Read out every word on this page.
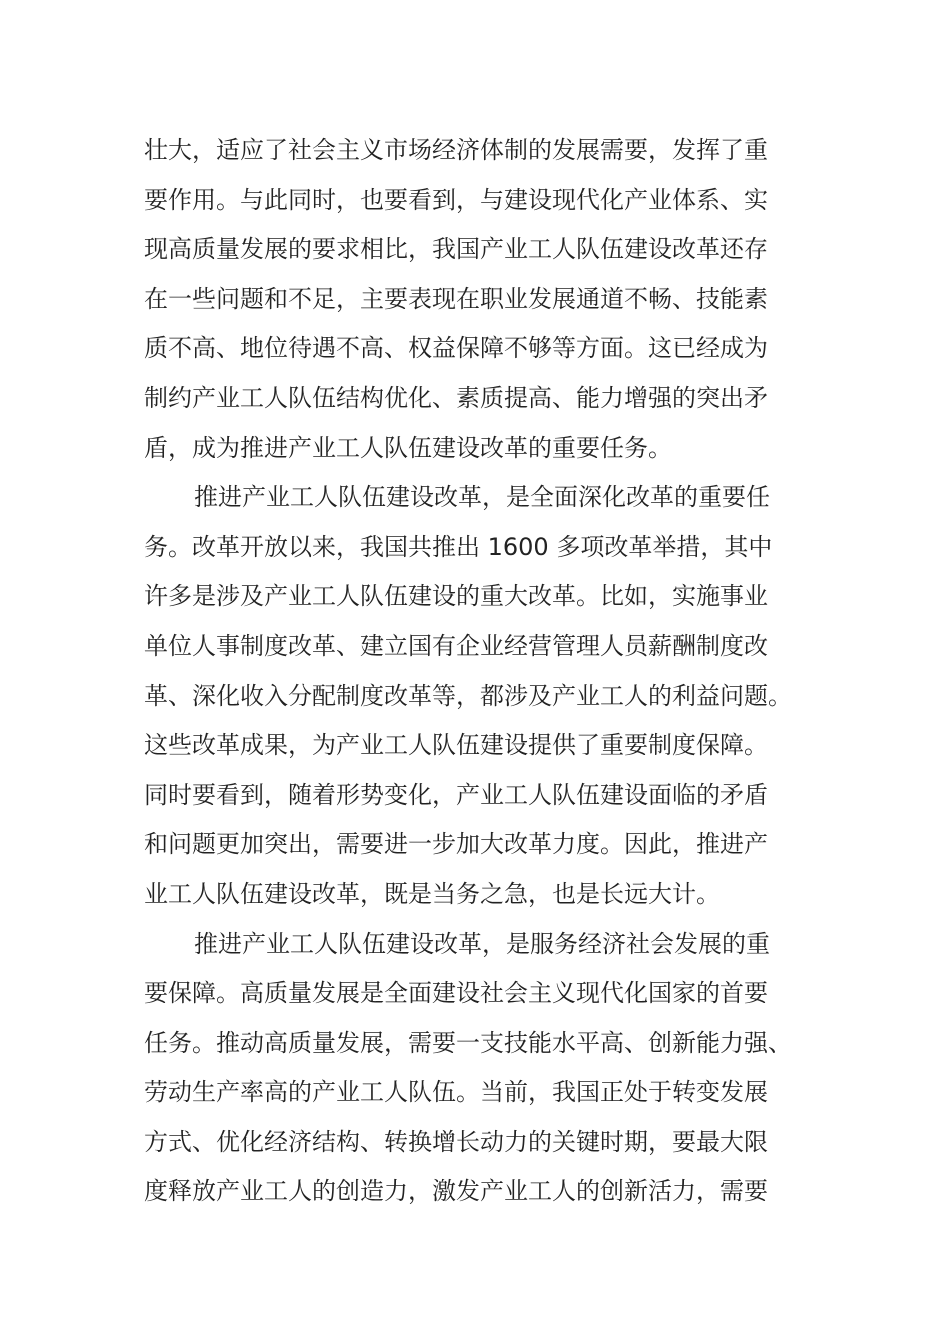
壮大，适应了社会主义市场经济体制的发展需要，发挥了重
要作用。与此同时，也要看到，与建设现代化产业体系、实
现高质量发展的要求相比，我国产业工人队伍建设改革还存
在一些问题和不足，主要表现在职业发展通道不畅、技能素
质不高、地位待遇不高、权益保障不够等方面。这已经成为
制约产业工人队伍结构优化、素质提高、能力增强的突出矛
盾，成为推进产业工人队伍建设改革的重要任务。
推进产业工人队伍建设改革，是全面深化改革的重要任
务。改革开放以来，我国共推出 1600 多项改革举措，其中
许多是涉及产业工人队伍建设的重大改革。比如，实施事业
单位人事制度改革、建立国有企业经营管理人员薪酬制度改
革、深化收入分配制度改革等，都涉及产业工人的利益问题。
这些改革成果，为产业工人队伍建设提供了重要制度保障。
同时要看到，随着形势变化，产业工人队伍建设面临的矛盾
和问题更加突出，需要进一步加大改革力度。因此，推进产
业工人队伍建设改革，既是当务之急，也是长远大计。
推进产业工人队伍建设改革，是服务经济社会发展的重
要保障。高质量发展是全面建设社会主义现代化国家的首要
任务。推动高质量发展，需要一支技能水平高、创新能力强、
劳动生产率高的产业工人队伍。当前，我国正处于转变发展
方式、优化经济结构、转换增长动力的关键时期，要最大限
度释放产业工人的创造力，激发产业工人的创新活力，需要
